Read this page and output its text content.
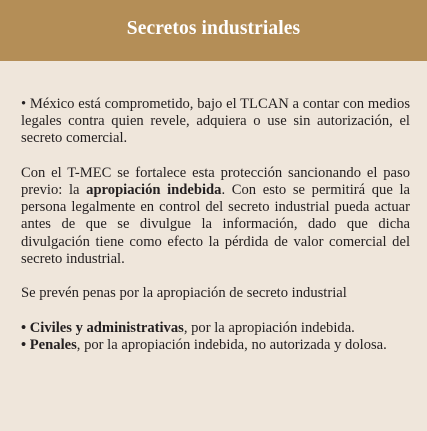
Secretos industriales

• México está comprometido, bajo el TLCAN a contar con medios legales contra quien revele, adquiera o use sin autorización, el secreto comercial.

Con el T-MEC se fortalece esta protección sancionando el paso previo: la apropiación indebida. Con esto se permitirá que la persona legalmente en control del secreto industrial pueda actuar antes de que se divulgue la información, dado que dicha divulgación tiene como efecto la pérdida de valor comercial del secreto industrial.

Se prevén penas por la apropiación de secreto industrial

• Civiles y administrativas, por la apropiación indebida.

• Penales, por la apropiación indebida, no autorizada y dolosa.
